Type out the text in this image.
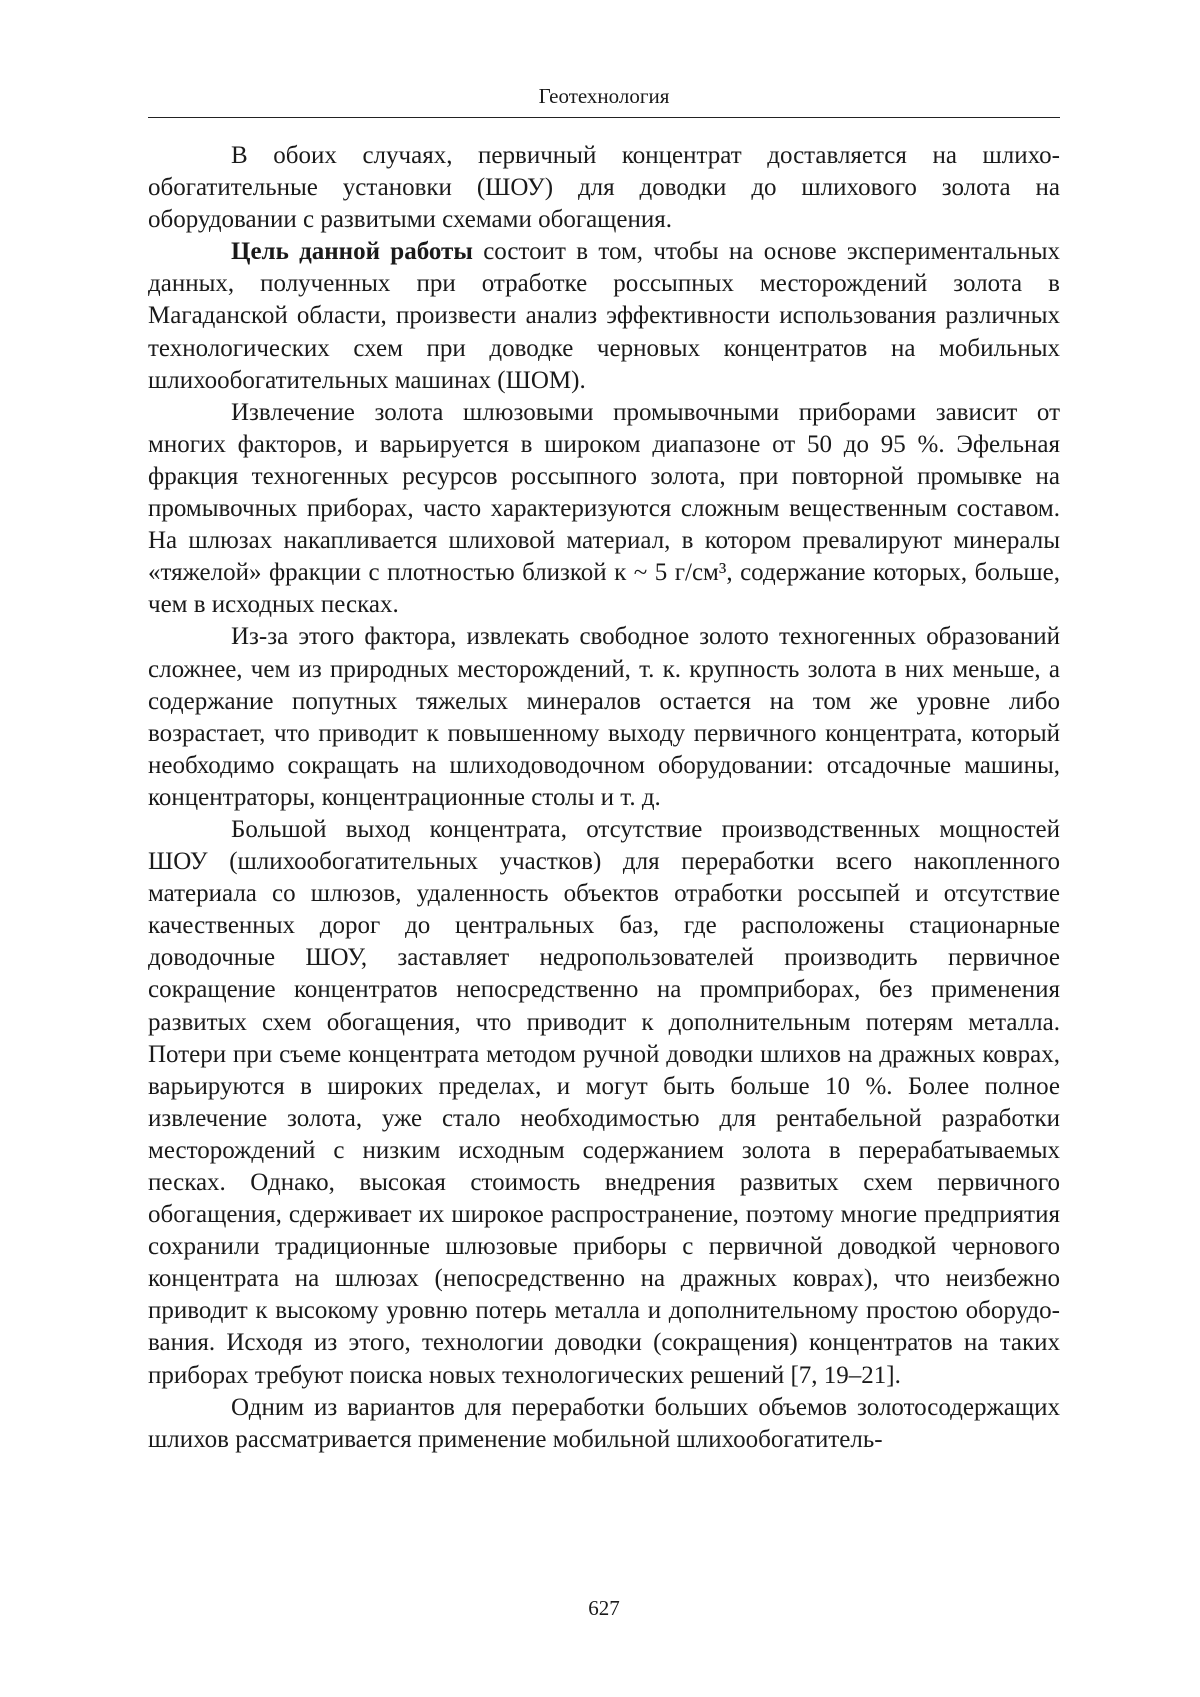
Геотехнология

В обоих случаях, первичный концентрат доставляется на шлихообогатительные установки (ШОУ) для доводки до шлихового золота на оборудовании с развитыми схемами обогащения.

Цель данной работы состоит в том, чтобы на основе экспериментальных данных, полученных при отработке россыпных месторождений золота в Магаданской области, произвести анализ эффективности использования различных технологических схем при доводке черновых концентратов на мобильных шлихообогатительных машинах (ШОМ).

Извлечение золота шлюзовыми промывочными приборами зависит от многих факторов, и варьируется в широком диапазоне от 50 до 95 %. Эфельная фракция техногенных ресурсов россыпного золота, при повторной промывке на промывочных приборах, часто характеризуются сложным вещественным составом. На шлюзах накапливается шлиховой материал, в котором превалируют минералы «тяжелой» фракции с плотностью близкой к ~ 5 г/см³, содержание которых, больше, чем в исходных песках.

Из-за этого фактора, извлекать свободное золото техногенных образований сложнее, чем из природных месторождений, т. к. крупность золота в них меньше, а содержание попутных тяжелых минералов остается на том же уровне либо возрастает, что приводит к повышенному выходу первичного концентрата, который необходимо сокращать на шлиходоводочном оборудовании: отсадочные машины, концентраторы, концентрационные столы и т. д.

Большой выход концентрата, отсутствие производственных мощностей ШОУ (шлихообогатительных участков) для переработки всего накопленного материала со шлюзов, удаленность объектов отработки россыпей и отсутствие качественных дорог до центральных баз, где расположены стационарные доводочные ШОУ, заставляет недропользователей производить первичное сокращение концентратов непосредственно на промприборах, без применения развитых схем обогащения, что приводит к дополнительным потерям металла. Потери при съеме концентрата методом ручной доводки шлихов на дражных коврах, варьируются в широких пределах, и могут быть больше 10 %. Более полное извлечение золота, уже стало необходимостью для рентабельной разработки месторождений с низким исходным содержанием золота в перерабатываемых песках. Однако, высокая стоимость внедрения развитых схем первичного обогащения, сдерживает их широкое распространение, поэтому многие предприятия сохранили традиционные шлюзовые приборы с первичной доводкой чернового концентрата на шлюзах (непосредственно на дражных коврах), что неизбежно приводит к высокому уровню потерь металла и дополнительному простою оборудования. Исходя из этого, технологии доводки (сокращения) концентратов на таких приборах требуют поиска новых технологических решений [7, 19–21].

Одним из вариантов для переработки больших объемов золотосодержащих шлихов рассматривается применение мобильной шлихообогатитель-

627
